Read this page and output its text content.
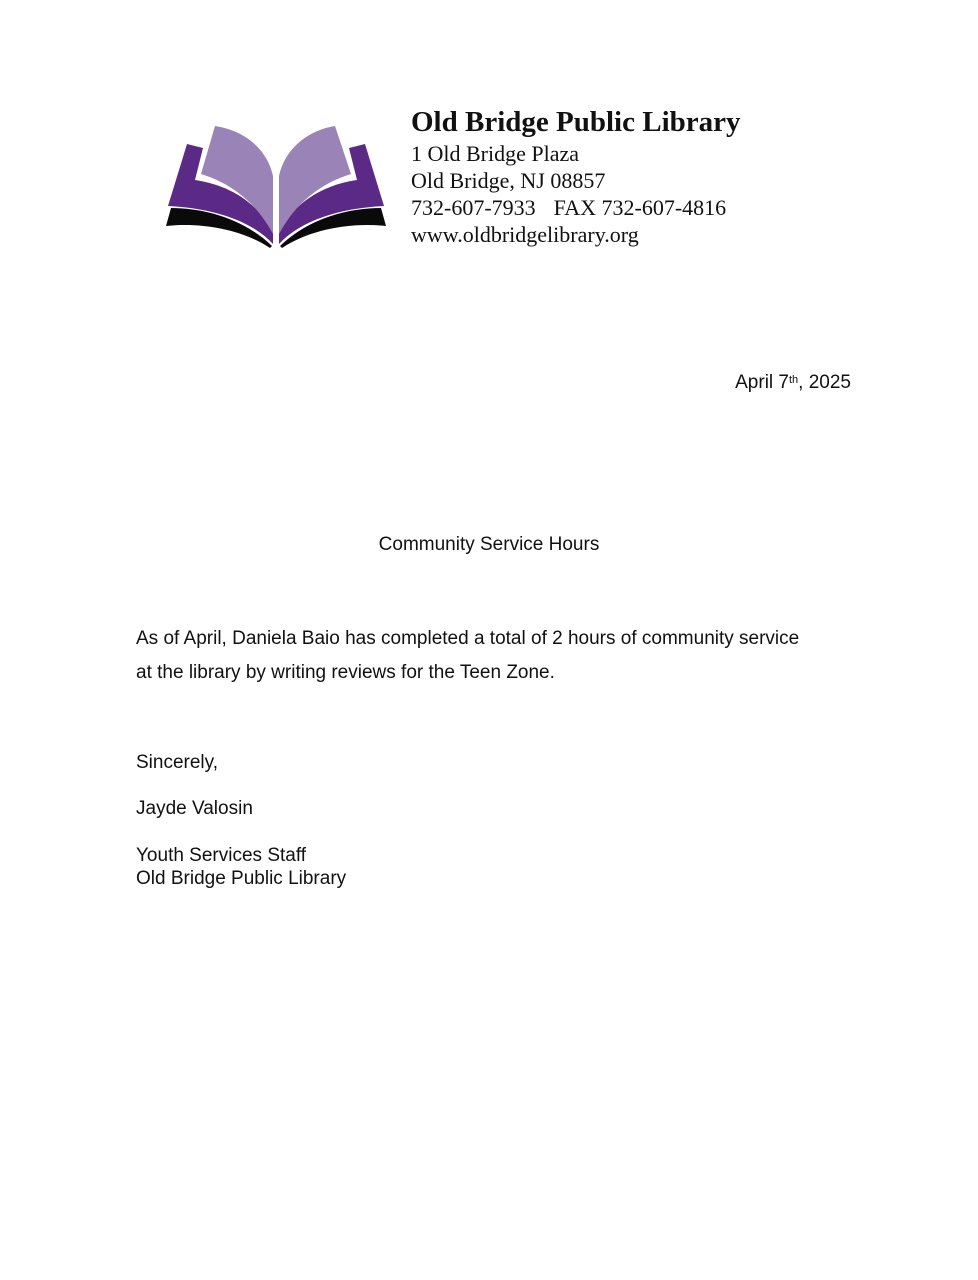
Old Bridge Public Library
1 Old Bridge Plaza
Old Bridge, NJ 08857
732-607-7933 FAX 732-607-4816
www.oldbridgelibrary.org
April 7th, 2025
Community Service Hours
As of April, Daniela Baio has completed a total of 2 hours of community service
at the library by writing reviews for the Teen Zone.
Sincerely,
Jayde Valosin
Youth Services Staff
Old Bridge Public Library
